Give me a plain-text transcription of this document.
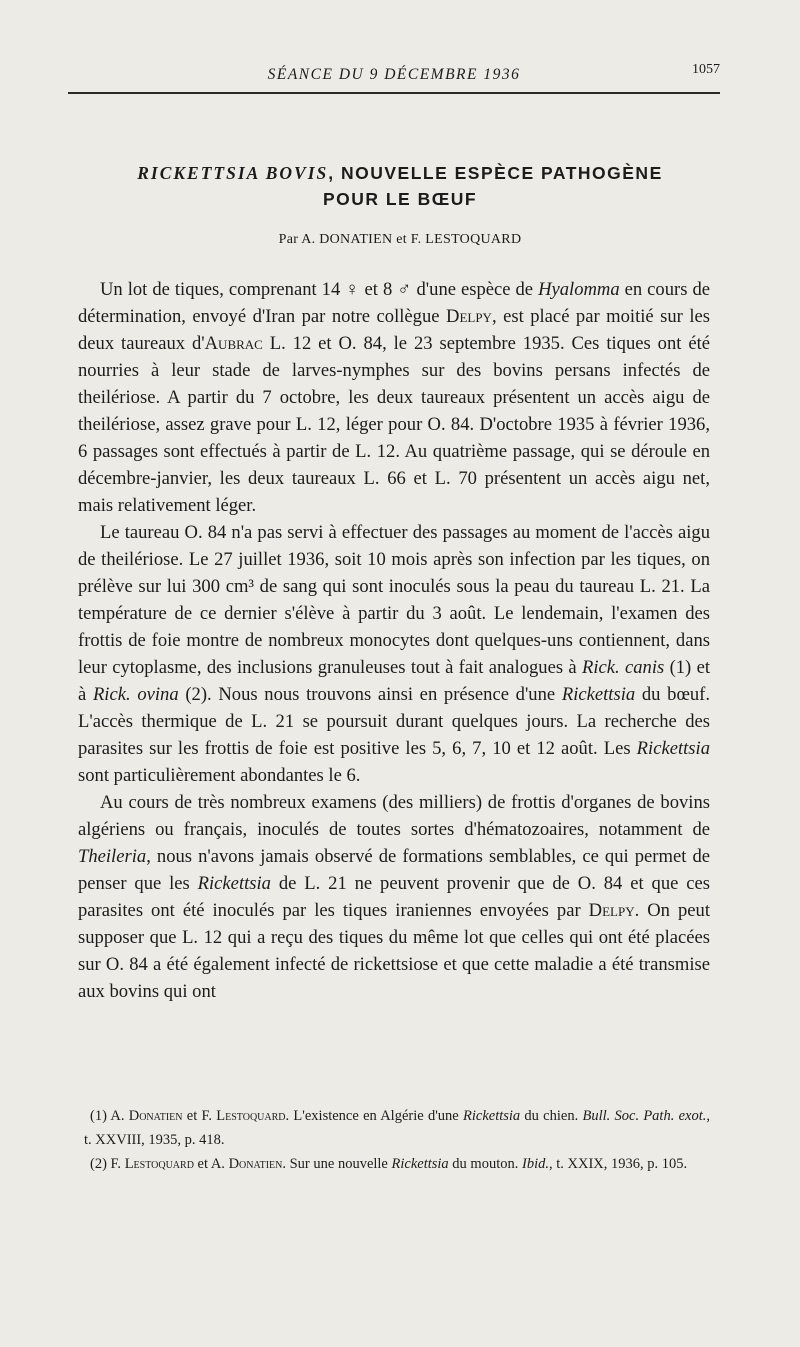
SÉANCE DU 9 DÉCEMBRE 1936	1057
RICKETTSIA BOVIS, NOUVELLE ESPÈCE PATHOGÈNE
POUR LE BŒUF
Par A. DONATIEN et F. LESTOQUARD

Un lot de tiques, comprenant 14 ♀ et 8 ♂ d'une espèce de Hyalomma en cours de détermination, envoyé d'Iran par notre collègue Delpy, est placé par moitié sur les deux taureaux d'Aubrac L. 12 et O. 84, le 23 septembre 1935. Ces tiques ont été nourries à leur stade de larves-nymphes sur des bovins persans infectés de theilériose. A partir du 7 octobre, les deux taureaux présentent un accès aigu de theilériose, assez grave pour L. 12, léger pour O. 84. D'octobre 1935 à février 1936, 6 passages sont effectués à partir de L. 12. Au quatrième passage, qui se déroule en décembre-janvier, les deux taureaux L. 66 et L. 70 présentent un accès aigu net, mais relativement léger.

Le taureau O. 84 n'a pas servi à effectuer des passages au moment de l'accès aigu de theilériose. Le 27 juillet 1936, soit 10 mois après son infection par les tiques, on prélève sur lui 300 cm³ de sang qui sont inoculés sous la peau du taureau L. 21. La température de ce dernier s'élève à partir du 3 août. Le lendemain, l'examen des frottis de foie montre de nombreux monocytes dont quelques-uns contiennent, dans leur cytoplasme, des inclusions granuleuses tout à fait analogues à Rick. canis (1) et à Rick. ovina (2). Nous nous trouvons ainsi en présence d'une Rickettsia du bœuf. L'accès thermique de L. 21 se poursuit durant quelques jours. La recherche des parasites sur les frottis de foie est positive les 5, 6, 7, 10 et 12 août. Les Rickettsia sont particulièrement abondantes le 6.

Au cours de très nombreux examens (des milliers) de frottis d'organes de bovins algériens ou français, inoculés de toutes sortes d'hématozoaires, notamment de Theileria, nous n'avons jamais observé de formations semblables, ce qui permet de penser que les Rickettsia de L. 21 ne peuvent provenir que de O. 84 et que ces parasites ont été inoculés par les tiques iraniennes envoyées par Delpy. On peut supposer que L. 12 qui a reçu des tiques du même lot que celles qui ont été placées sur O. 84 a été également infecté de rickettsiose et que cette maladie a été transmise aux bovins qui ont

(1) A. Donatien et F. Lestoquard. L'existence en Algérie d'une Rickettsia du chien. Bull. Soc. Path. exot., t. XXVIII, 1935, p. 418.

(2) F. Lestoquard et A. Donatien. Sur une nouvelle Rickettsia du mouton. Ibid., t. XXIX, 1936, p. 105.
